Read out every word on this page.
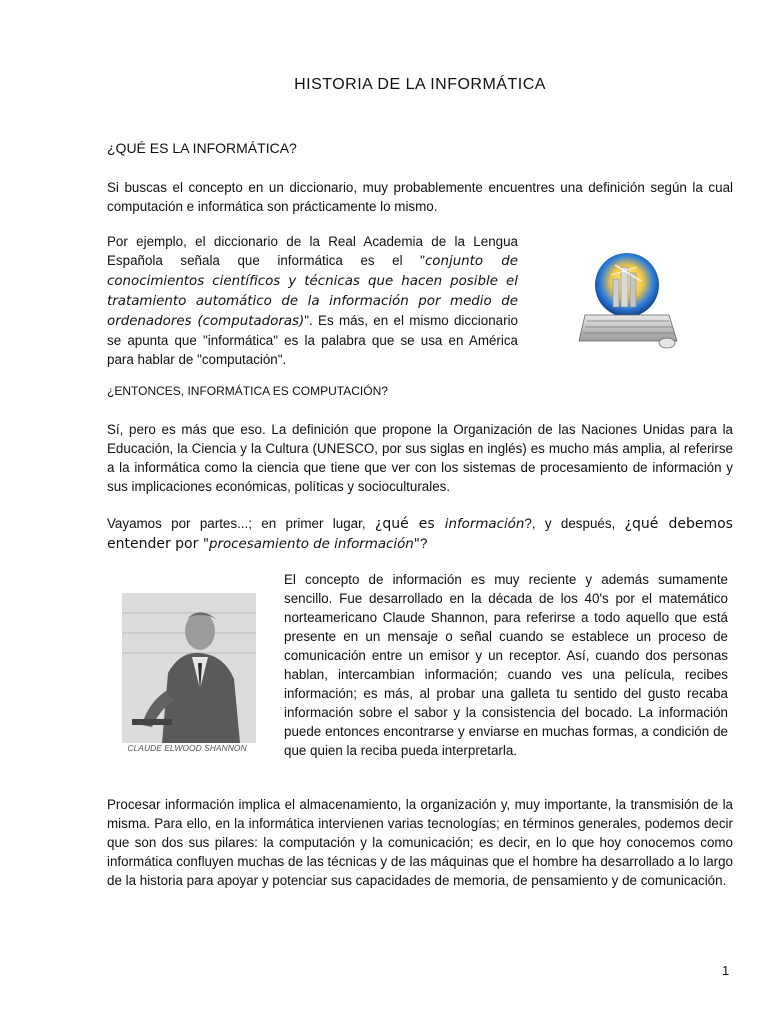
HISTORIA DE LA INFORMÁTICA
¿QUÉ ES LA INFORMÁTICA?

Si buscas el concepto en un diccionario, muy probablemente encuentres una definición según la cual computación e informática son prácticamente lo mismo.

Por ejemplo, el diccionario de la Real Academia de la Lengua Española señala que informática es el "conjunto de conocimientos científicos y técnicas que hacen posible el tratamiento automático de la información por medio de ordenadores (computadoras)". Es más, en el mismo diccionario se apunta que "informática" es la palabra que se usa en América para hablar de "computación".

¿ENTONCES, INFORMÁTICA ES COMPUTACIÓN?

Sí, pero es más que eso. La definición que propone la Organización de las Naciones Unidas para la Educación, la Ciencia y la Cultura (UNESCO, por sus siglas en inglés) es mucho más amplia, al referirse a la informática como la ciencia que tiene que ver con los sistemas de procesamiento de información y sus implicaciones económicas, políticas y socioculturales.

Vayamos por partes...; en primer lugar, ¿qué es información?, y después, ¿qué debemos entender por "procesamiento de información"?

CLAUDE ELWOOD SHANNON

El concepto de información es muy reciente y además sumamente sencillo. Fue desarrollado en la década de los 40's por el matemático norteamericano Claude Shannon, para referirse a todo aquello que está presente en un mensaje o señal cuando se establece un proceso de comunicación entre un emisor y un receptor. Así, cuando dos personas hablan, intercambian información; cuando ves una película, recibes información; es más, al probar una galleta tu sentido del gusto recaba información sobre el sabor y la consistencia del bocado. La información puede entonces encontrarse y enviarse en muchas formas, a condición de que quien la reciba pueda interpretarla.

Procesar información implica el almacenamiento, la organización y, muy importante, la transmisión de la misma. Para ello, en la informática intervienen varias tecnologías; en términos generales, podemos decir que son dos sus pilares: la computación y la comunicación; es decir, en lo que hoy conocemos como informática confluyen muchas de las técnicas y de las máquinas que el hombre ha desarrollado a lo largo de la historia para apoyar y potenciar sus capacidades de memoria, de pensamiento y de comunicación.

1
